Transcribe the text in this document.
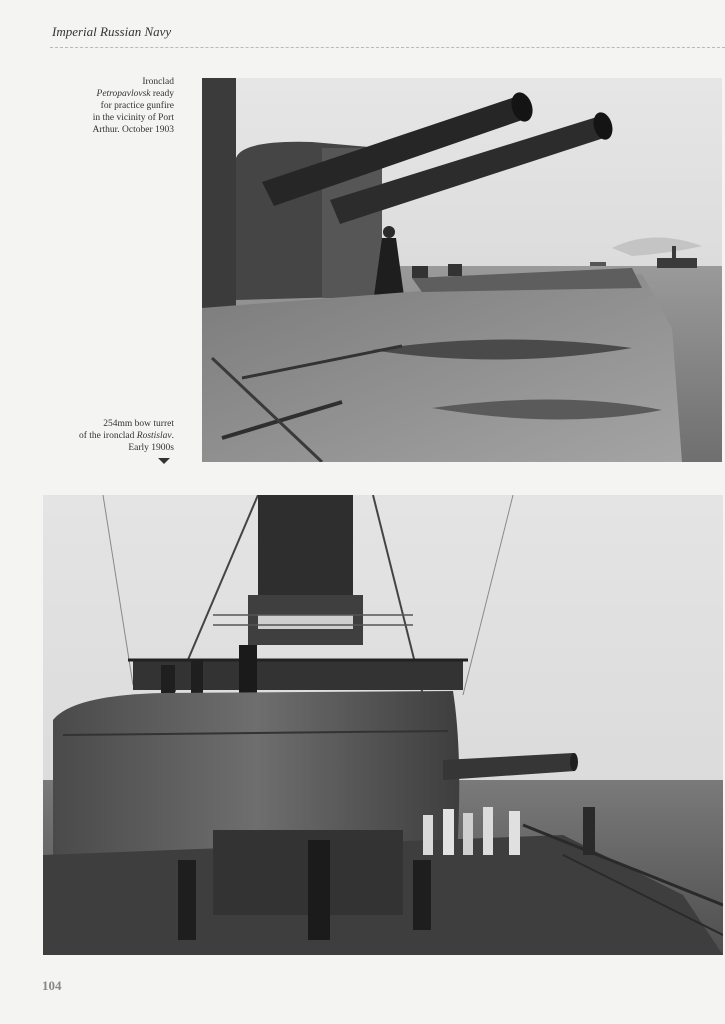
Imperial Russian Navy
Ironclad
Petropavlovsk ready
for practice gunfire
in the vicinity of Port
Arthur. October 1903
254mm bow turret
of the ironclad Rostislav.
Early 1900s
104
